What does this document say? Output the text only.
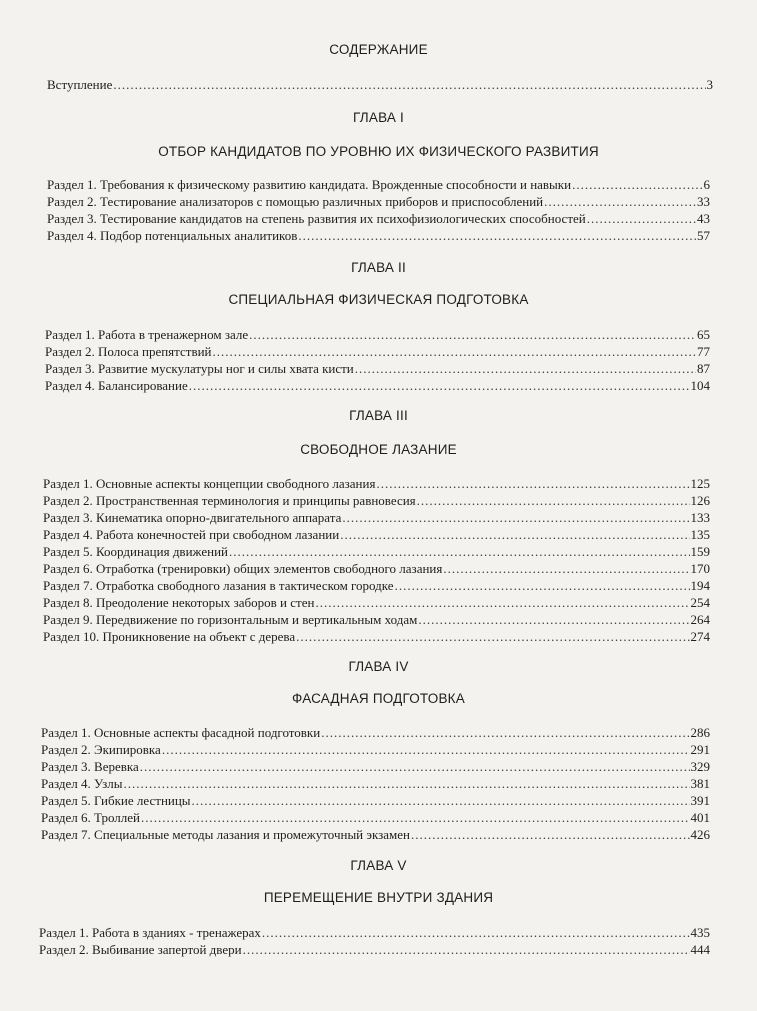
СОДЕРЖАНИЕ
Вступление .....	3
ГЛАВА I
ОТБОР КАНДИДАТОВ ПО УРОВНЮ ИХ ФИЗИЧЕСКОГО РАЗВИТИЯ
Раздел 1. Требования к физическому развитию кандидата. Врожденные способности и навыки .....	6
Раздел 2. Тестирование анализаторов с помощью различных приборов и приспособлений .....	33
Раздел 3. Тестирование кандидатов на степень развития их психофизиологических способностей .....	43
Раздел 4. Подбор потенциальных аналитиков .....	57
ГЛАВА II
СПЕЦИАЛЬНАЯ ФИЗИЧЕСКАЯ ПОДГОТОВКА
Раздел 1. Работа в тренажерном зале .....	65
Раздел 2. Полоса препятствий .....	77
Раздел 3. Развитие мускулатуры ног и силы хвата кисти .....	87
Раздел 4. Балансирование .....	104
ГЛАВА III
СВОБОДНОЕ ЛАЗАНИЕ
Раздел 1. Основные аспекты концепции свободного лазания .....	125
Раздел 2. Пространственная терминология и принципы равновесия .....	126
Раздел 3. Кинематика опорно-двигательного аппарата .....	133
Раздел 4. Работа конечностей при свободном лазании .....	135
Раздел 5. Координация движений .....	159
Раздел 6. Отработка (тренировки) общих элементов свободного лазания .....	170
Раздел 7. Отработка свободного лазания в тактическом городке .....	194
Раздел 8. Преодоление некоторых заборов и стен .....	254
Раздел 9. Передвижение по горизонтальным и вертикальным ходам .....	264
Раздел 10. Проникновение на объект с дерева .....	274
ГЛАВА IV
ФАСАДНАЯ ПОДГОТОВКА
Раздел 1. Основные аспекты фасадной подготовки .....	286
Раздел 2. Экипировка .....	291
Раздел 3. Веревка .....	329
Раздел 4. Узлы .....	381
Раздел 5. Гибкие лестницы .....	391
Раздел 6. Троллей .....	401
Раздел 7. Специальные методы лазания и промежуточный экзамен .....	426
ГЛАВА V
ПЕРЕМЕЩЕНИЕ ВНУТРИ ЗДАНИЯ
Раздел 1. Работа в зданиях - тренажерах .....	435
Раздел 2. Выбивание запертой двери .....	444
